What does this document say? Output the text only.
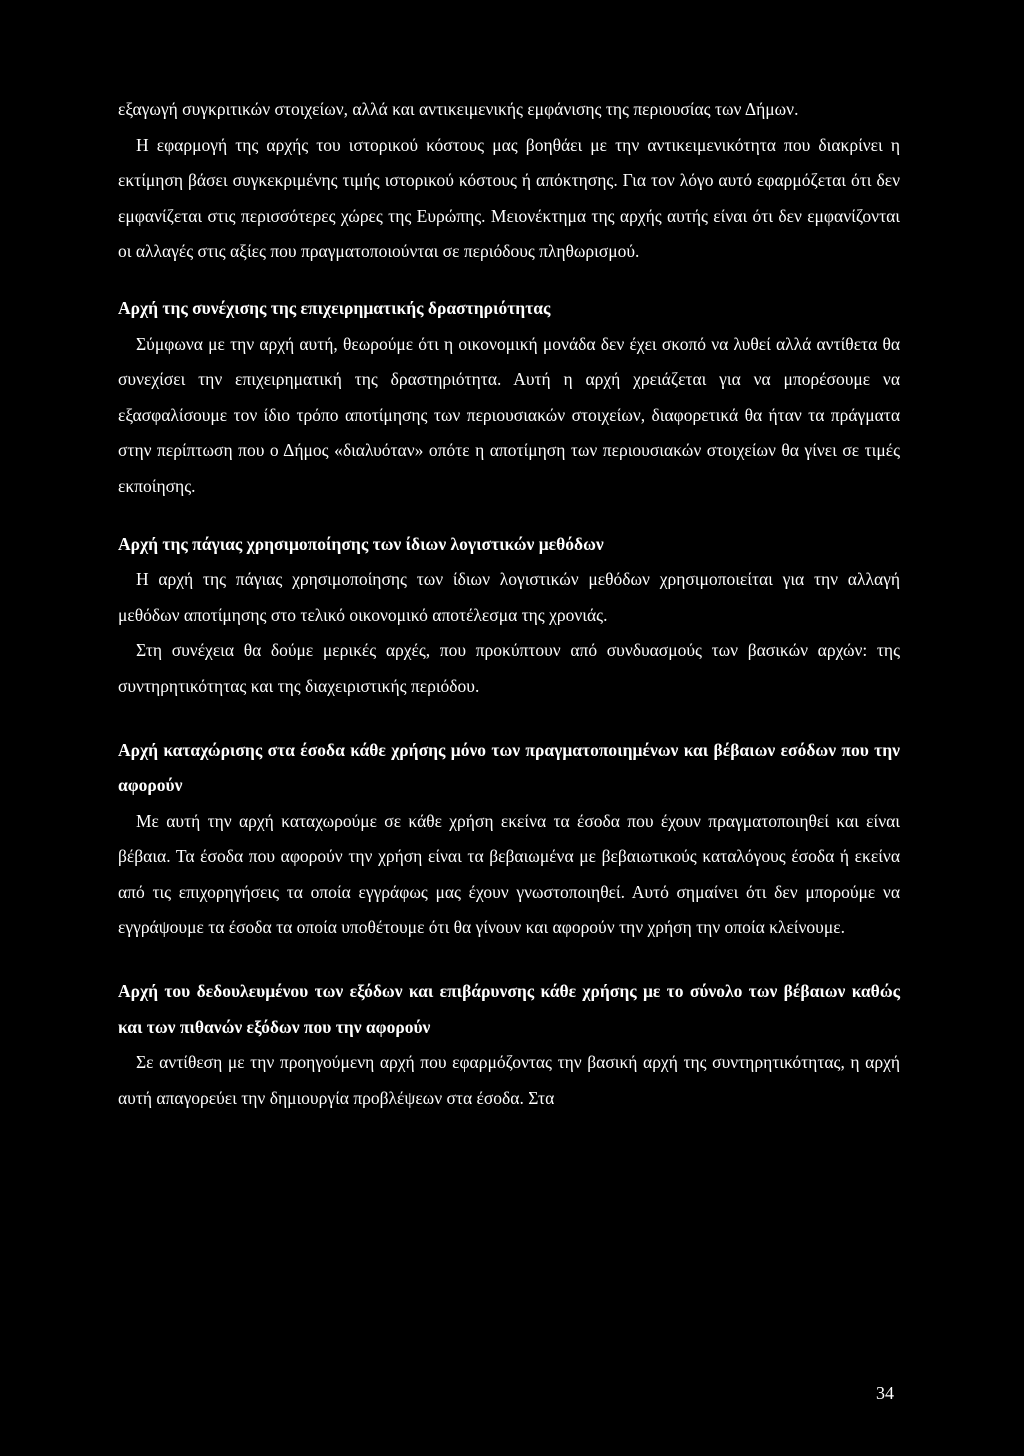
εξαγωγή συγκριτικών στοιχείων, αλλά και αντικειμενικής εμφάνισης της περιουσίας των Δήμων.

Η εφαρμογή της αρχής του ιστορικού κόστους μας βοηθάει με την αντικειμενικότητα που διακρίνει η εκτίμηση βάσει συγκεκριμένης τιμής ιστορικού κόστους ή απόκτησης. Για τον λόγο αυτό εφαρμόζεται ότι δεν εμφανίζεται στις περισσότερες χώρες της Ευρώπης. Μειονέκτημα της αρχής αυτής είναι ότι δεν εμφανίζονται οι αλλαγές στις αξίες που πραγματοποιούνται σε περιόδους πληθωρισμού.

Αρχή της συνέχισης της επιχειρηματικής δραστηριότητας

Σύμφωνα με την αρχή αυτή, θεωρούμε ότι η οικονομική μονάδα δεν έχει σκοπό να λυθεί αλλά αντίθετα θα συνεχίσει την επιχειρηματική της δραστηριότητα. Αυτή η αρχή χρειάζεται για να μπορέσουμε να εξασφαλίσουμε τον ίδιο τρόπο αποτίμησης των περιουσιακών στοιχείων, διαφορετικά θα ήταν τα πράγματα στην περίπτωση που ο Δήμος «διαλυόταν» οπότε η αποτίμηση των περιουσιακών στοιχείων θα γίνει σε τιμές εκποίησης.

Αρχή της πάγιας χρησιμοποίησης των ίδιων λογιστικών μεθόδων

Η αρχή της πάγιας χρησιμοποίησης των ίδιων λογιστικών μεθόδων χρησιμοποιείται για την αλλαγή μεθόδων αποτίμησης στο τελικό οικονομικό αποτέλεσμα της χρονιάς.

Στη συνέχεια θα δούμε μερικές αρχές, που προκύπτουν από συνδυασμούς των βασικών αρχών: της συντηρητικότητας και της διαχειριστικής περιόδου.

Αρχή καταχώρισης στα έσοδα κάθε χρήσης μόνο των πραγματοποιημένων και βέβαιων εσόδων που την αφορούν

Με αυτή την αρχή καταχωρούμε σε κάθε χρήση εκείνα τα έσοδα που έχουν πραγματοποιηθεί και είναι βέβαια. Τα έσοδα που αφορούν την χρήση είναι τα βεβαιωμένα με βεβαιωτικούς καταλόγους έσοδα ή εκείνα από τις επιχορηγήσεις τα οποία εγγράφως μας έχουν γνωστοποιηθεί. Αυτό σημαίνει ότι δεν μπορούμε να εγγράψουμε τα έσοδα τα οποία υποθέτουμε ότι θα γίνουν και αφορούν την χρήση την οποία κλείνουμε.

Αρχή του δεδουλευμένου των εξόδων και επιβάρυνσης κάθε χρήσης με το σύνολο των βέβαιων καθώς και των πιθανών εξόδων που την αφορούν

Σε αντίθεση με την προηγούμενη αρχή που εφαρμόζοντας την βασική αρχή της συντηρητικότητας, η αρχή αυτή απαγορεύει την δημιουργία προβλέψεων στα έσοδα. Στα

34
